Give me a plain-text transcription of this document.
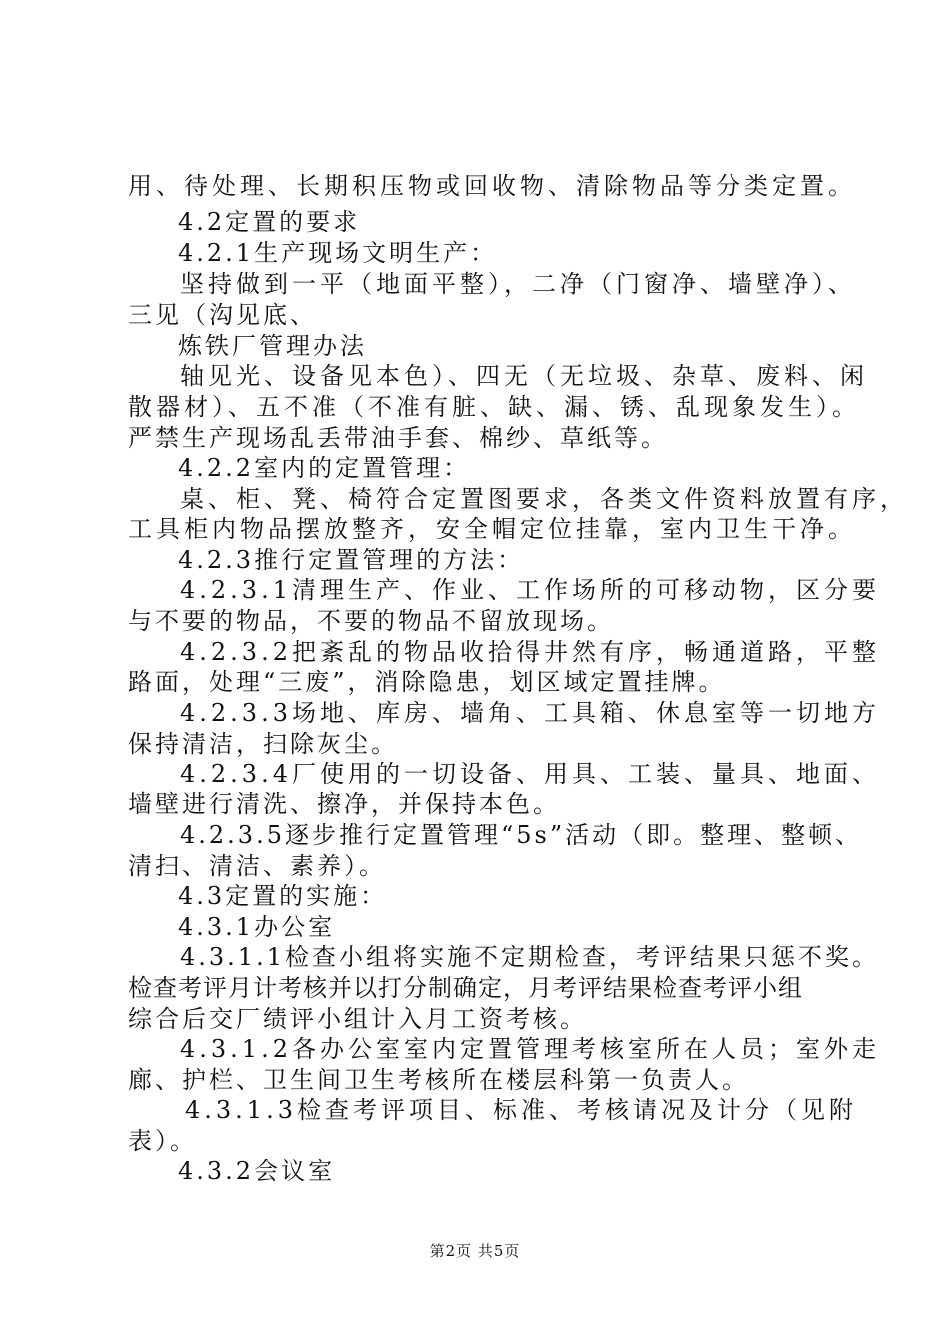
用、待处理、长期积压物或回收物、清除物品等分类定置。
4.2定置的要求
4.2.1生产现场文明生产：
坚持做到一平（地面平整），二净（门窗净、墙壁净）、
三见（沟见底、
炼铁厂管理办法
轴见光、设备见本色）、四无（无垃圾、杂草、废料、闲
散器材）、五不准（不准有脏、缺、漏、锈、乱现象发生）。
严禁生产现场乱丢带油手套、棉纱、草纸等。
4.2.2室内的定置管理：
桌、柜、凳、椅符合定置图要求，各类文件资料放置有序，
工具柜内物品摆放整齐，安全帽定位挂靠，室内卫生干净。
4.2.3推行定置管理的方法：
4.2.3.1清理生产、作业、工作场所的可移动物，区分要
与不要的物品，不要的物品不留放现场。
4.2.3.2把紊乱的物品收拾得井然有序，畅通道路，平整
路面，处理“三废”，消除隐患，划区域定置挂牌。
4.2.3.3场地、库房、墙角、工具箱、休息室等一切地方
保持清洁，扫除灰尘。
4.2.3.4厂使用的一切设备、用具、工装、量具、地面、
墙壁进行清洗、擦净，并保持本色。
4.2.3.5逐步推行定置管理“5s”活动（即。整理、整顿、
清扫、清洁、素养）。
4.3定置的实施：
4.3.1办公室
4.3.1.1检查小组将实施不定期检查，考评结果只惩不奖。
检查考评月计考核并以打分制确定，月考评结果检查考评小组
综合后交厂绩评小组计入月工资考核。
4.3.1.2各办公室室内定置管理考核室所在人员；室外走
廊、护栏、卫生间卫生考核所在楼层科第一负责人。
4.3.1.3检查考评项目、标准、考核请况及计分（见附
表）。
4.3.2会议室
第2页 共5页
